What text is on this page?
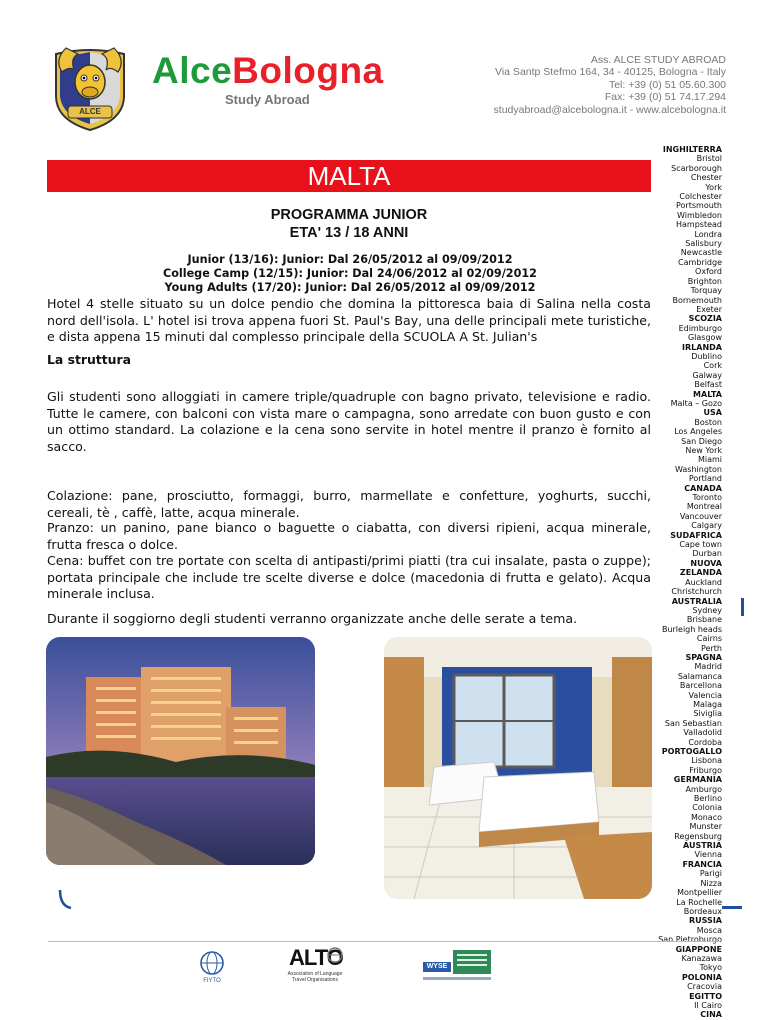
ALCE
AlceBologna
Study Abroad
Ass. ALCE STUDY ABROAD
Via Santp Stefmo 164, 34 - 40125, Bologna - Italy
Tel: +39 (0) 51 05.60.300
Fax: +39 (0) 51 74.17.294
studyabroad@alcebologna.it - www.alcebologna.it
MALTA
PROGRAMMA JUNIOR
ETA' 13 / 18 ANNI
Junior (13/16): Junior: Dal 26/05/2012 al 09/09/2012
College Camp (12/15): Junior: Dal 24/06/2012 al 02/09/2012
Young Adults (17/20): Junior: Dal 26/05/2012 al 09/09/2012

Hotel 4 stelle situato su un dolce pendio che domina la pittoresca baia di Salina nella costa nord dell'isola. L' hotel isi trova appena fuori St. Paul's Bay, una delle principali mete turistiche, e dista appena 15 minuti dal complesso principale della SCUOLA A St. Julian's

La struttura

Gli studenti sono alloggiati in camere triple/quadruple con bagno privato, televisione e radio. Tutte le camere, con balconi con vista mare o campagna, sono arredate con buon gusto e con un ottimo standard. La colazione e la cena sono servite in hotel mentre il pranzo è fornito al sacco.

Colazione: pane, prosciutto, formaggi, burro, marmellate e confetture, yoghurts, succhi, cereali, tè , caffè, latte, acqua minerale.

Pranzo: un panino, pane bianco o baguette o ciabatta, con diversi ripieni, acqua minerale, frutta fresca o dolce.

Cena: buffet con tre portate con scelta di antipasti/primi piatti (tra cui insalate, pasta o zuppe); portata principale che include tre scelte diverse e dolce (macedonia di frutta e gelato). Acqua minerale inclusa.

Durante il soggiorno degli studenti verranno organizzate anche delle serate a tema.

INGHILTERRA
Bristol
Scarborough
Chester
York
Colchester
Portsmouth
Wimbledon
Hampstead
Londra
Salisbury
Newcastle
Cambridge
Oxford
Brighton
Torquay
Bornemouth
Exeter
SCOZIA
Edimburgo
Glasgow
IRLANDA
Dublino
Cork
Galway
Belfast
MALTA
Malta – Gozo
USA
Boston
Los Angeles
San Diego
New York
Miami
Washington
Portland
CANADA
Toronto
Montreal
Vancouver
Calgary
SUDAFRICA
Cape town
Durban
NUOVA ZELANDA
Auckland
Christchurch
AUSTRALIA
Sydney
Brisbane
Burleigh heads
Cairns
Perth
SPAGNA
Madrid
Salamanca
Barcellona
Valencia
Malaga
Siviglia
San Sebastian
Valladolid
Cordoba
PORTOGALLO
Lisbona
Friburgo
GERMANIA
Amburgo
Berlino
Colonia
Monaco
Munster
Regensburg
AUSTRIA
Vienna
FRANCIA
Parigi
Nizza
Montpellier
La Rochelle
Bordeaux
RUSSIA
Mosca
San Pietroburgo
GIAPPONE
Kanazawa
Tokyo
POLONIA
Cracovia
EGITTO
Il Cairo
CINA
FIYTO
ALTO
Association of Language
Travel Organisations
WYSE
